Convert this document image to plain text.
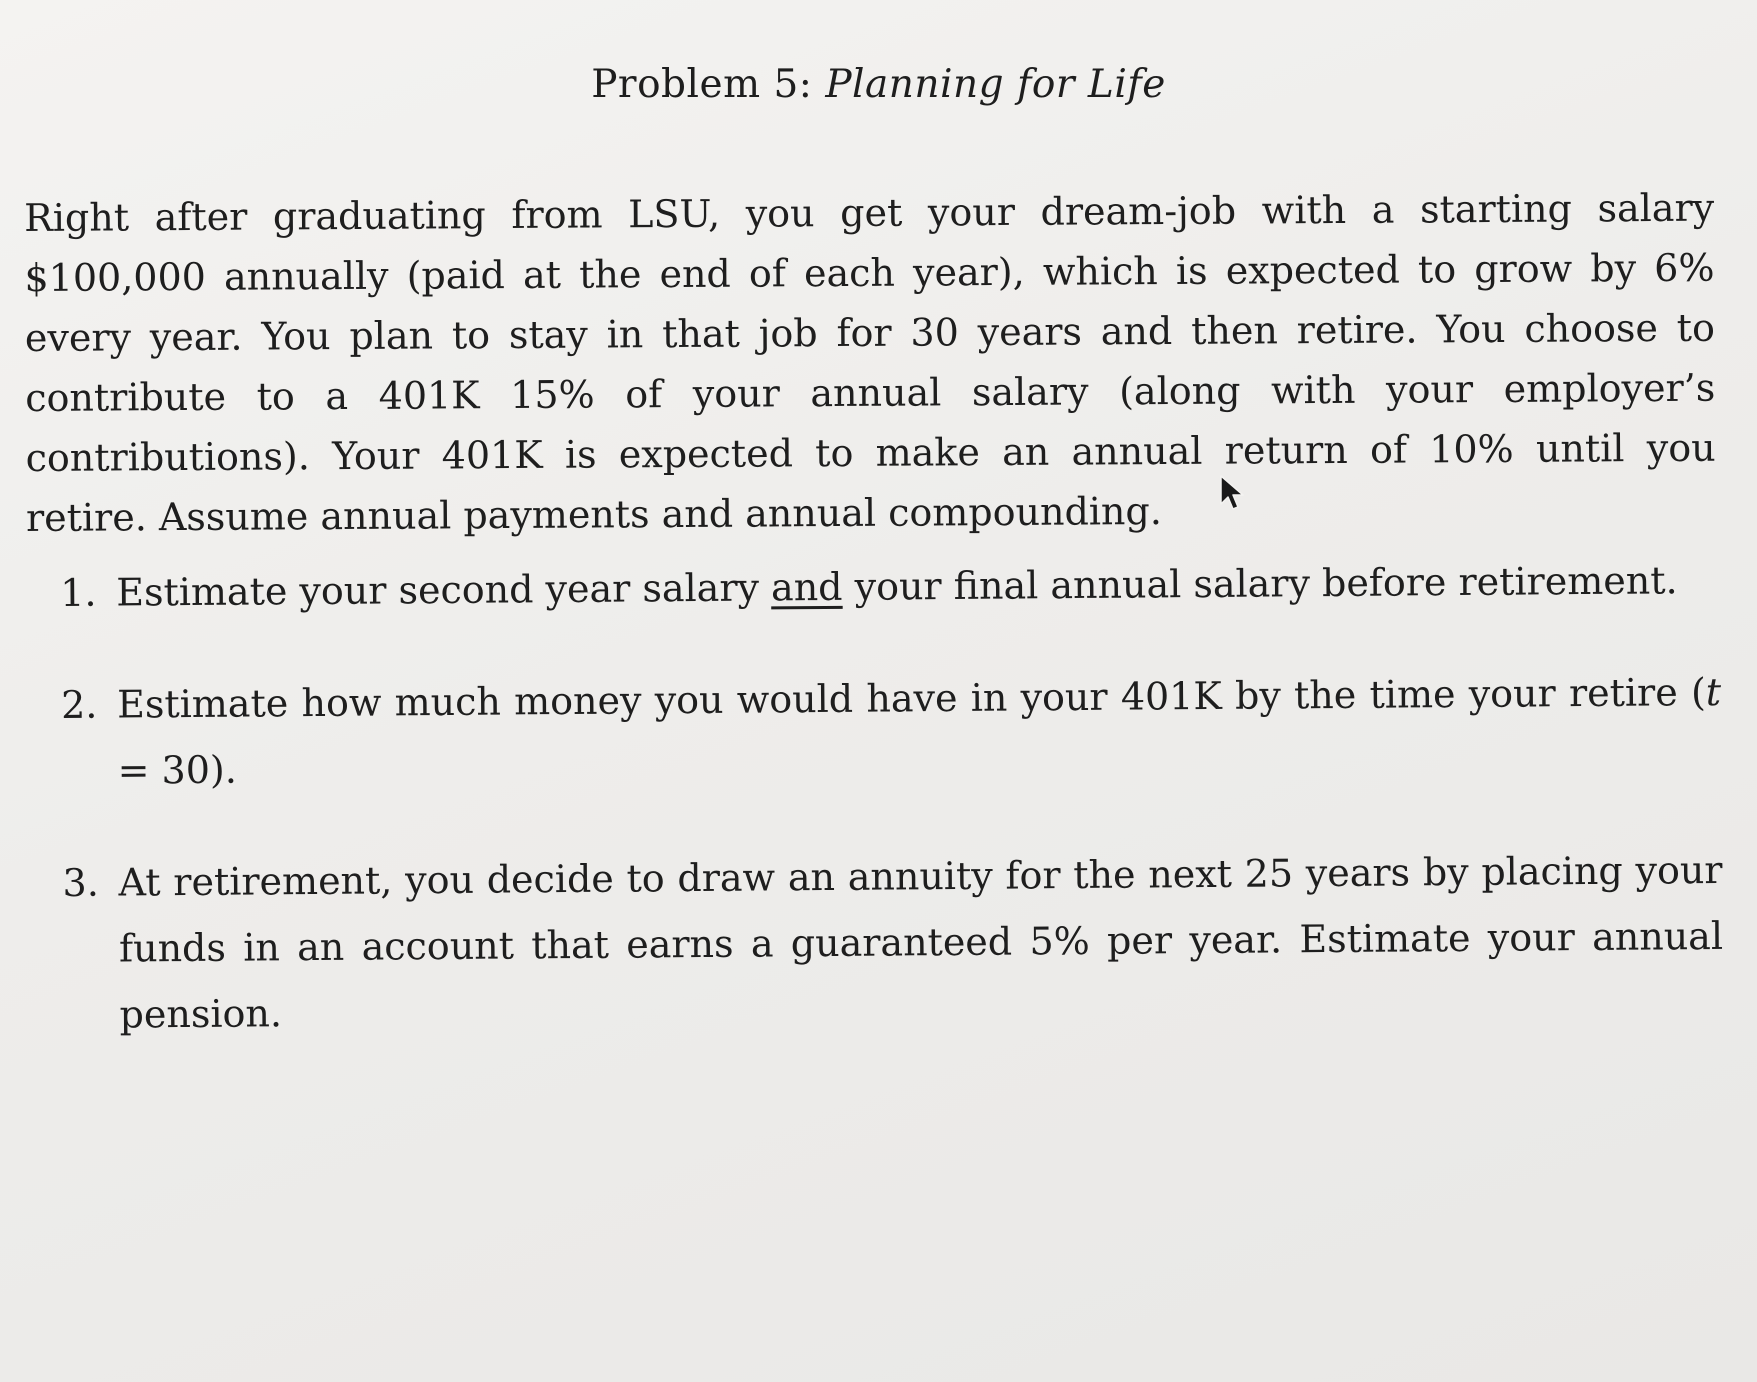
Problem 5: Planning for Life

Right after graduating from LSU, you get your dream-job with a starting salary $100,000 annually (paid at the end of each year), which is expected to grow by 6% every year. You plan to stay in that job for 30 years and then retire. You choose to contribute to a 401K 15% of your annual salary (along with your employer’s contributions). Your 401K is expected to make an annual return of 10% until you retire. Assume annual payments and annual compounding.

1. Estimate your second year salary and your final annual salary before retirement.
2. Estimate how much money you would have in your 401K by the time your retire (t = 30).
3. At retirement, you decide to draw an annuity for the next 25 years by placing your funds in an account that earns a guaranteed 5% per year. Estimate your annual pension.
